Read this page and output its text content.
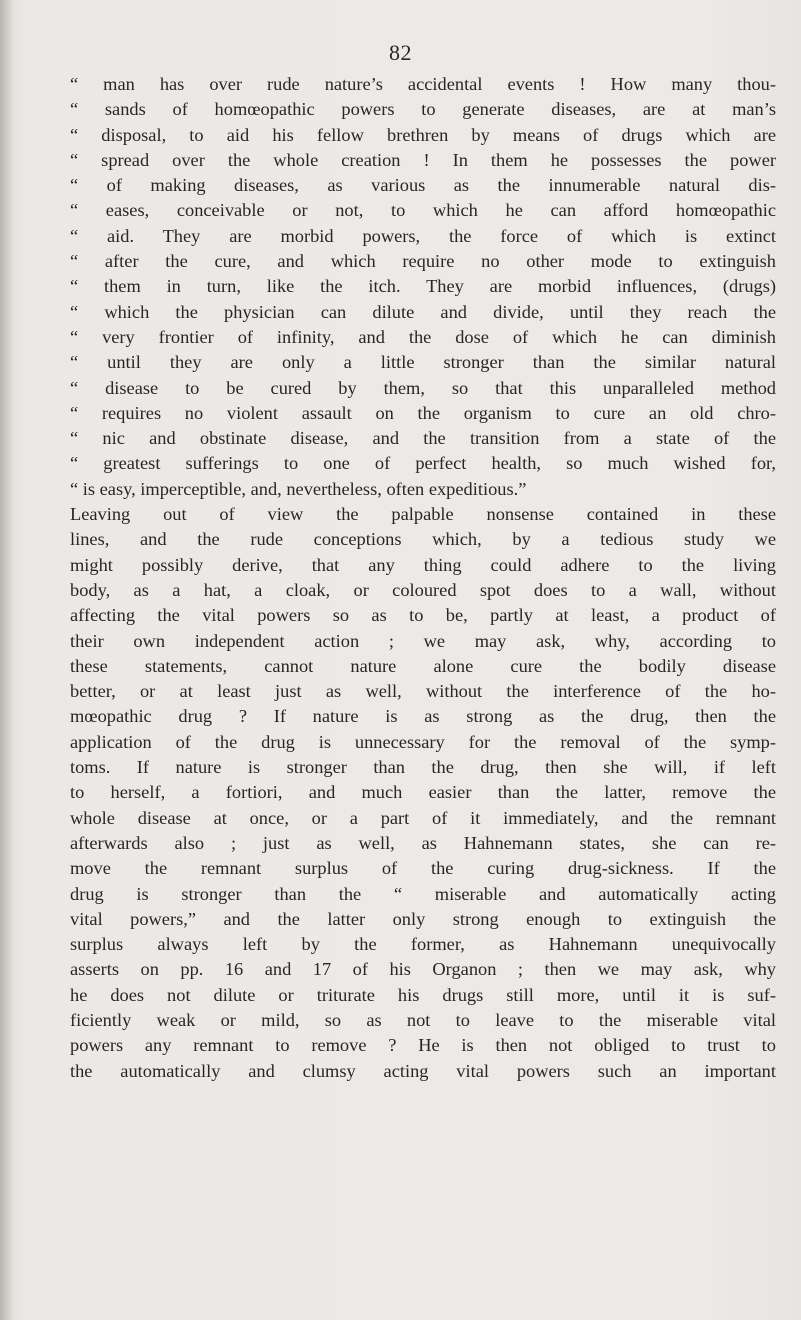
82
“ man has over rude nature’s accidental events ! How many thou-
“ sands of homœopathic powers to generate diseases, are at man’s
“ disposal, to aid his fellow brethren by means of drugs which are
“ spread over the whole creation ! In them he possesses the power
“ of making diseases, as various as the innumerable natural dis-
“ eases, conceivable or not, to which he can afford homœopathic
“ aid. They are morbid powers, the force of which is extinct
“ after the cure, and which require no other mode to extinguish
“ them in turn, like the itch. They are morbid influences, (drugs)
“ which the physician can dilute and divide, until they reach the
“ very frontier of infinity, and the dose of which he can diminish
“ until they are only a little stronger than the similar natural
“ disease to be cured by them, so that this unparalleled method
“ requires no violent assault on the organism to cure an old chro-
“ nic and obstinate disease, and the transition from a state of the
“ greatest sufferings to one of perfect health, so much wished for,
“ is easy, imperceptible, and, nevertheless, often expeditious.”
Leaving out of view the palpable nonsense contained in these
lines, and the rude conceptions which, by a tedious study we
might possibly derive, that any thing could adhere to the living
body, as a hat, a cloak, or coloured spot does to a wall, without
affecting the vital powers so as to be, partly at least, a product of
their own independent action ; we may ask, why, according to
these statements, cannot nature alone cure the bodily disease
better, or at least just as well, without the interference of the ho-
mœopathic drug ? If nature is as strong as the drug, then the
application of the drug is unnecessary for the removal of the symp-
toms. If nature is stronger than the drug, then she will, if left
to herself, a fortiori, and much easier than the latter, remove the
whole disease at once, or a part of it immediately, and the remnant
afterwards also ; just as well, as Hahnemann states, she can re-
move the remnant surplus of the curing drug-sickness. If the
drug is stronger than the “ miserable and automatically acting
vital powers,” and the latter only strong enough to extinguish the
surplus always left by the former, as Hahnemann unequivocally
asserts on pp. 16 and 17 of his Organon ; then we may ask, why
he does not dilute or triturate his drugs still more, until it is suf-
ficiently weak or mild, so as not to leave to the miserable vital
powers any remnant to remove ? He is then not obliged to trust to
the automatically and clumsy acting vital powers such an important
